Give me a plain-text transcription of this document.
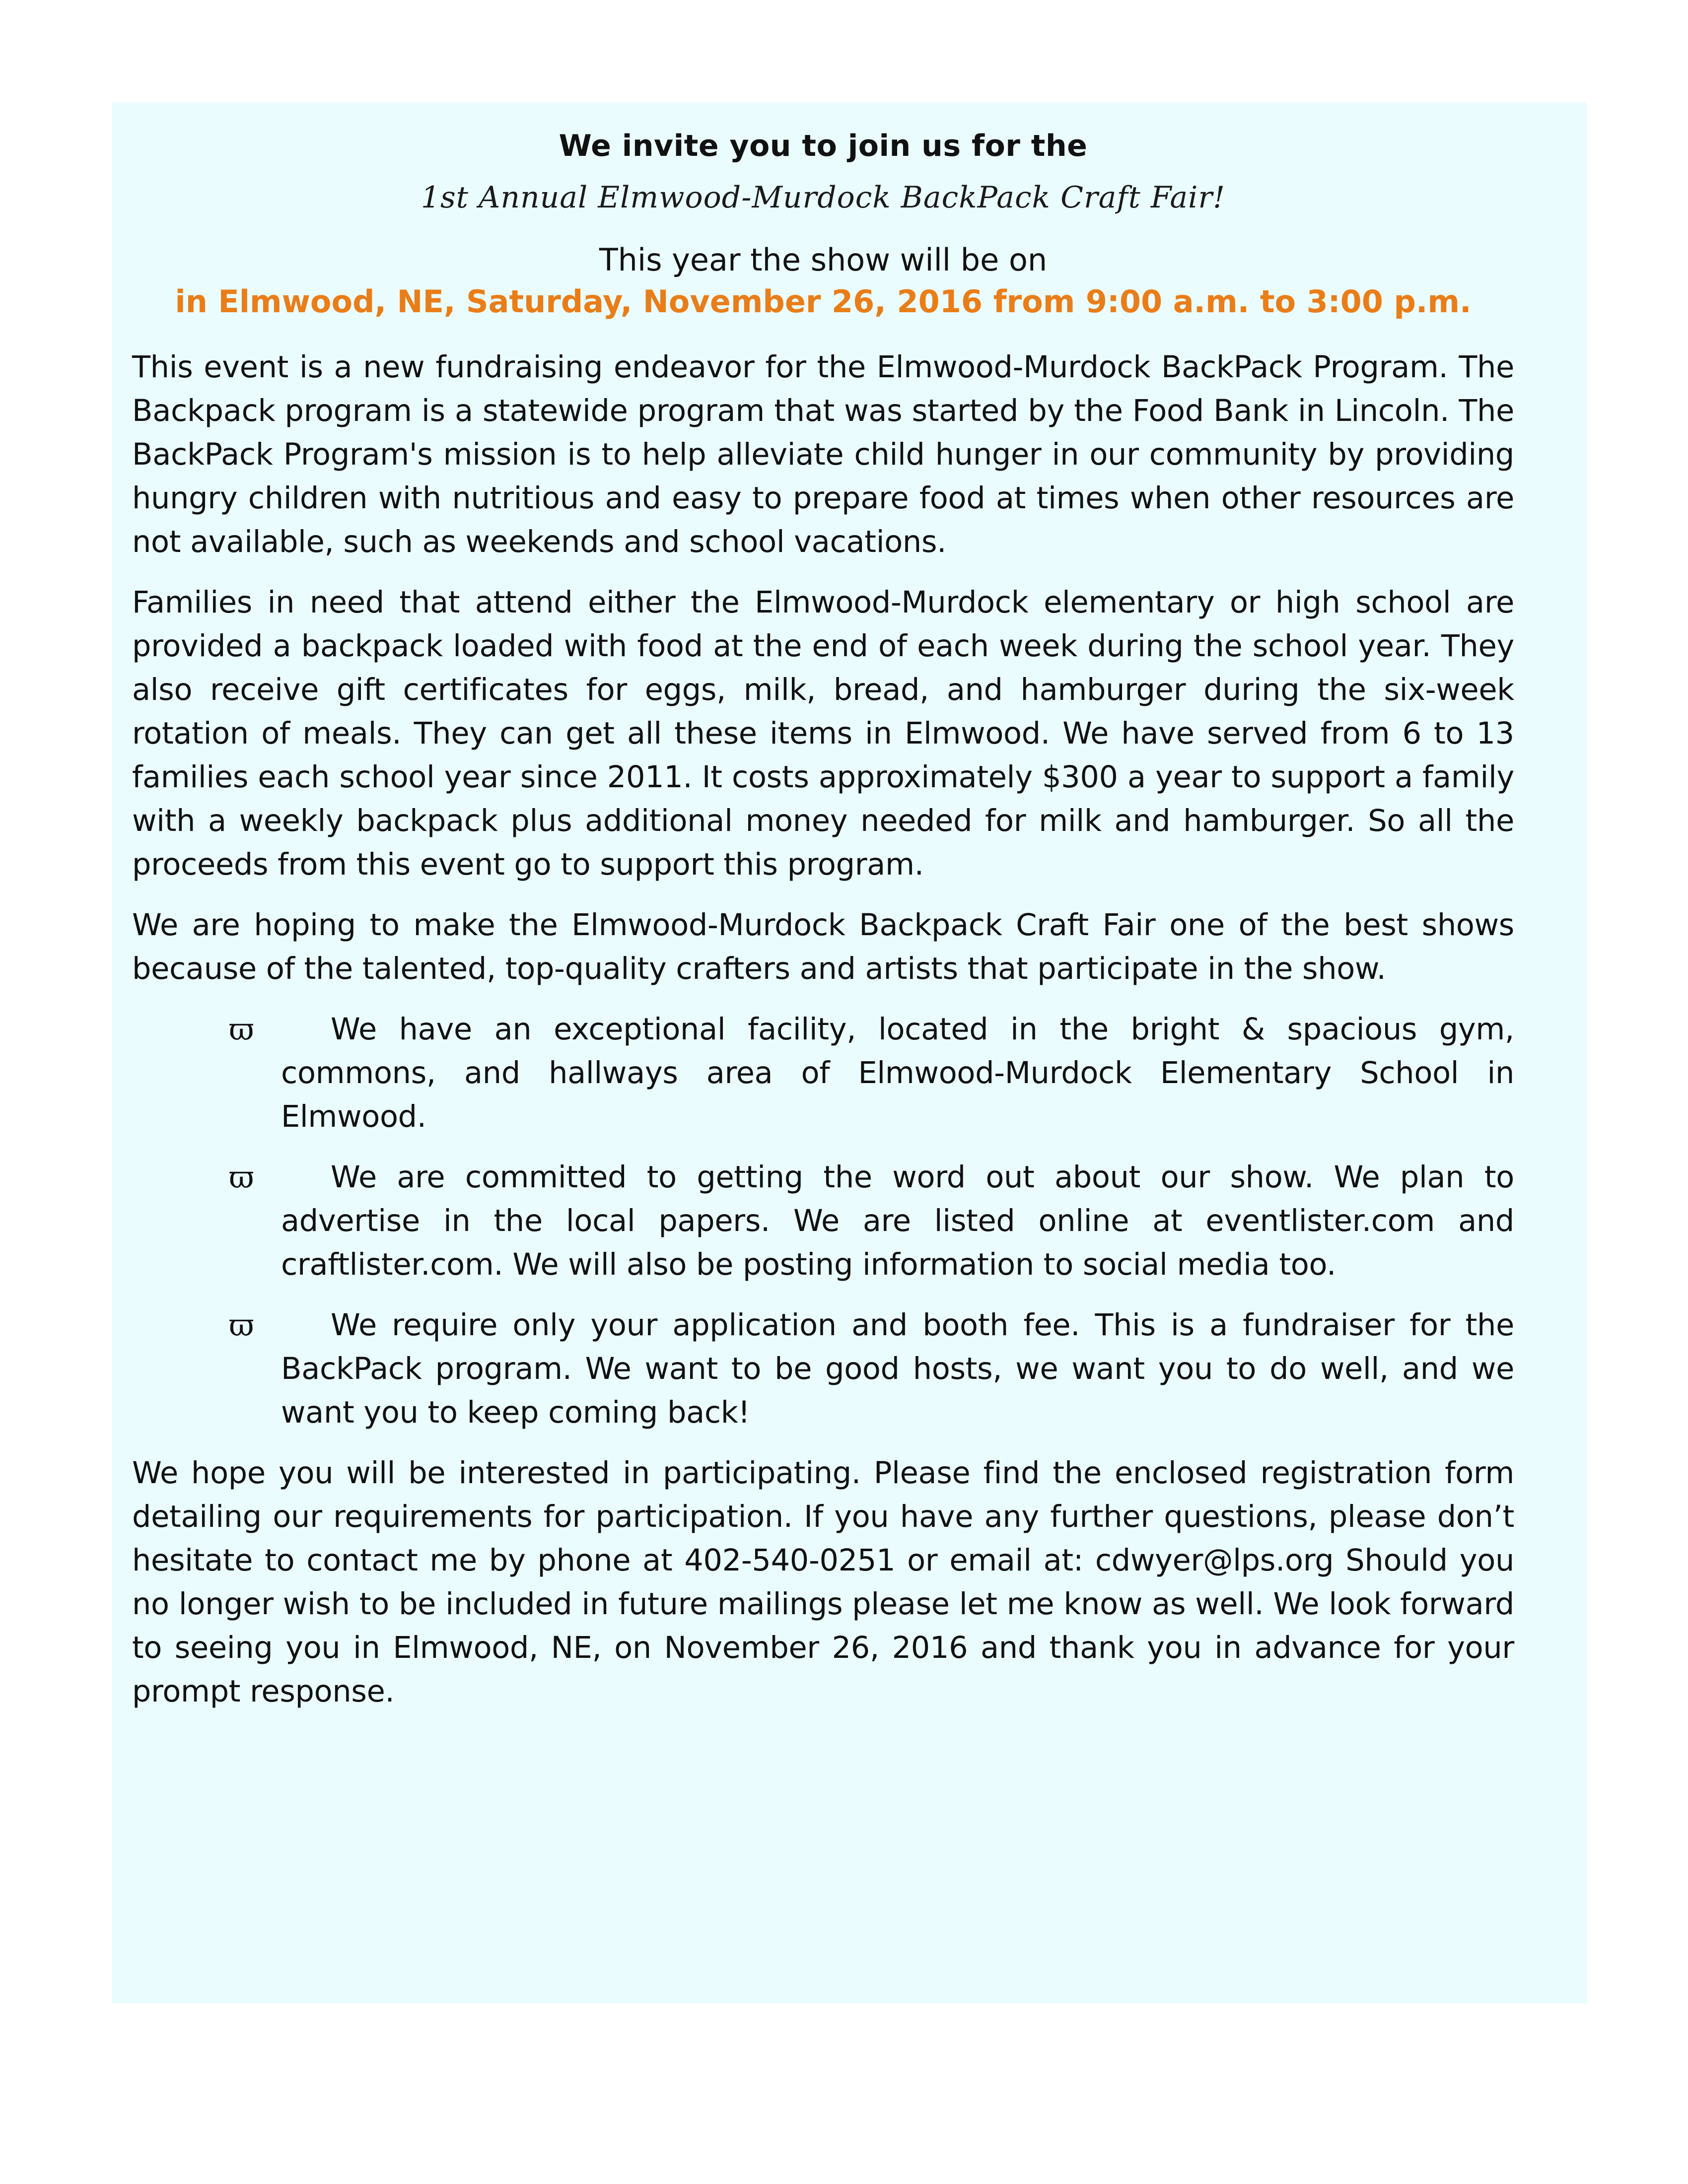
We invite you to join us for the

1st Annual Elmwood-Murdock BackPack Craft Fair!

This year the show will be on

in Elmwood, NE, Saturday, November 26, 2016 from 9:00 a.m. to 3:00 p.m.

This event is a new fundraising endeavor for the Elmwood-Murdock BackPack Program. The Backpack program is a statewide program that was started by the Food Bank in Lincoln. The BackPack Program's mission is to help alleviate child hunger in our community by providing hungry children with nutritious and easy to prepare food at times when other resources are not available, such as weekends and school vacations.

Families in need that attend either the Elmwood-Murdock elementary or high school are provided a backpack loaded with food at the end of each week during the school year. They also receive gift certificates for eggs, milk, bread, and hamburger during the six-week rotation of meals. They can get all these items in Elmwood. We have served from 6 to 13 families each school year since 2011. It costs approximately $300 a year to support a family with a weekly backpack plus additional money needed for milk and hamburger. So all the proceeds from this event go to support this program.

We are hoping to make the Elmwood-Murdock Backpack Craft Fair one of the best shows because of the talented, top-quality crafters and artists that participate in the show.

ϖ	We have an exceptional facility, located in the bright & spacious gym, commons, and hallways area of Elmwood-Murdock Elementary School in Elmwood.
ϖ	We are committed to getting the word out about our show. We plan to advertise in the local papers. We are listed online at eventlister.com and craftlister.com. We will also be posting information to social media too.
ϖ	We require only your application and booth fee. This is a fundraiser for the BackPack program. We want to be good hosts, we want you to do well, and we want you to keep coming back!

We hope you will be interested in participating. Please find the enclosed registration form detailing our requirements for participation. If you have any further questions, please don’t hesitate to contact me by phone at 402-540-0251 or email at: cdwyer@lps.org Should you no longer wish to be included in future mailings please let me know as well. We look forward to seeing you in Elmwood, NE, on November 26, 2016 and thank you in advance for your prompt response.
